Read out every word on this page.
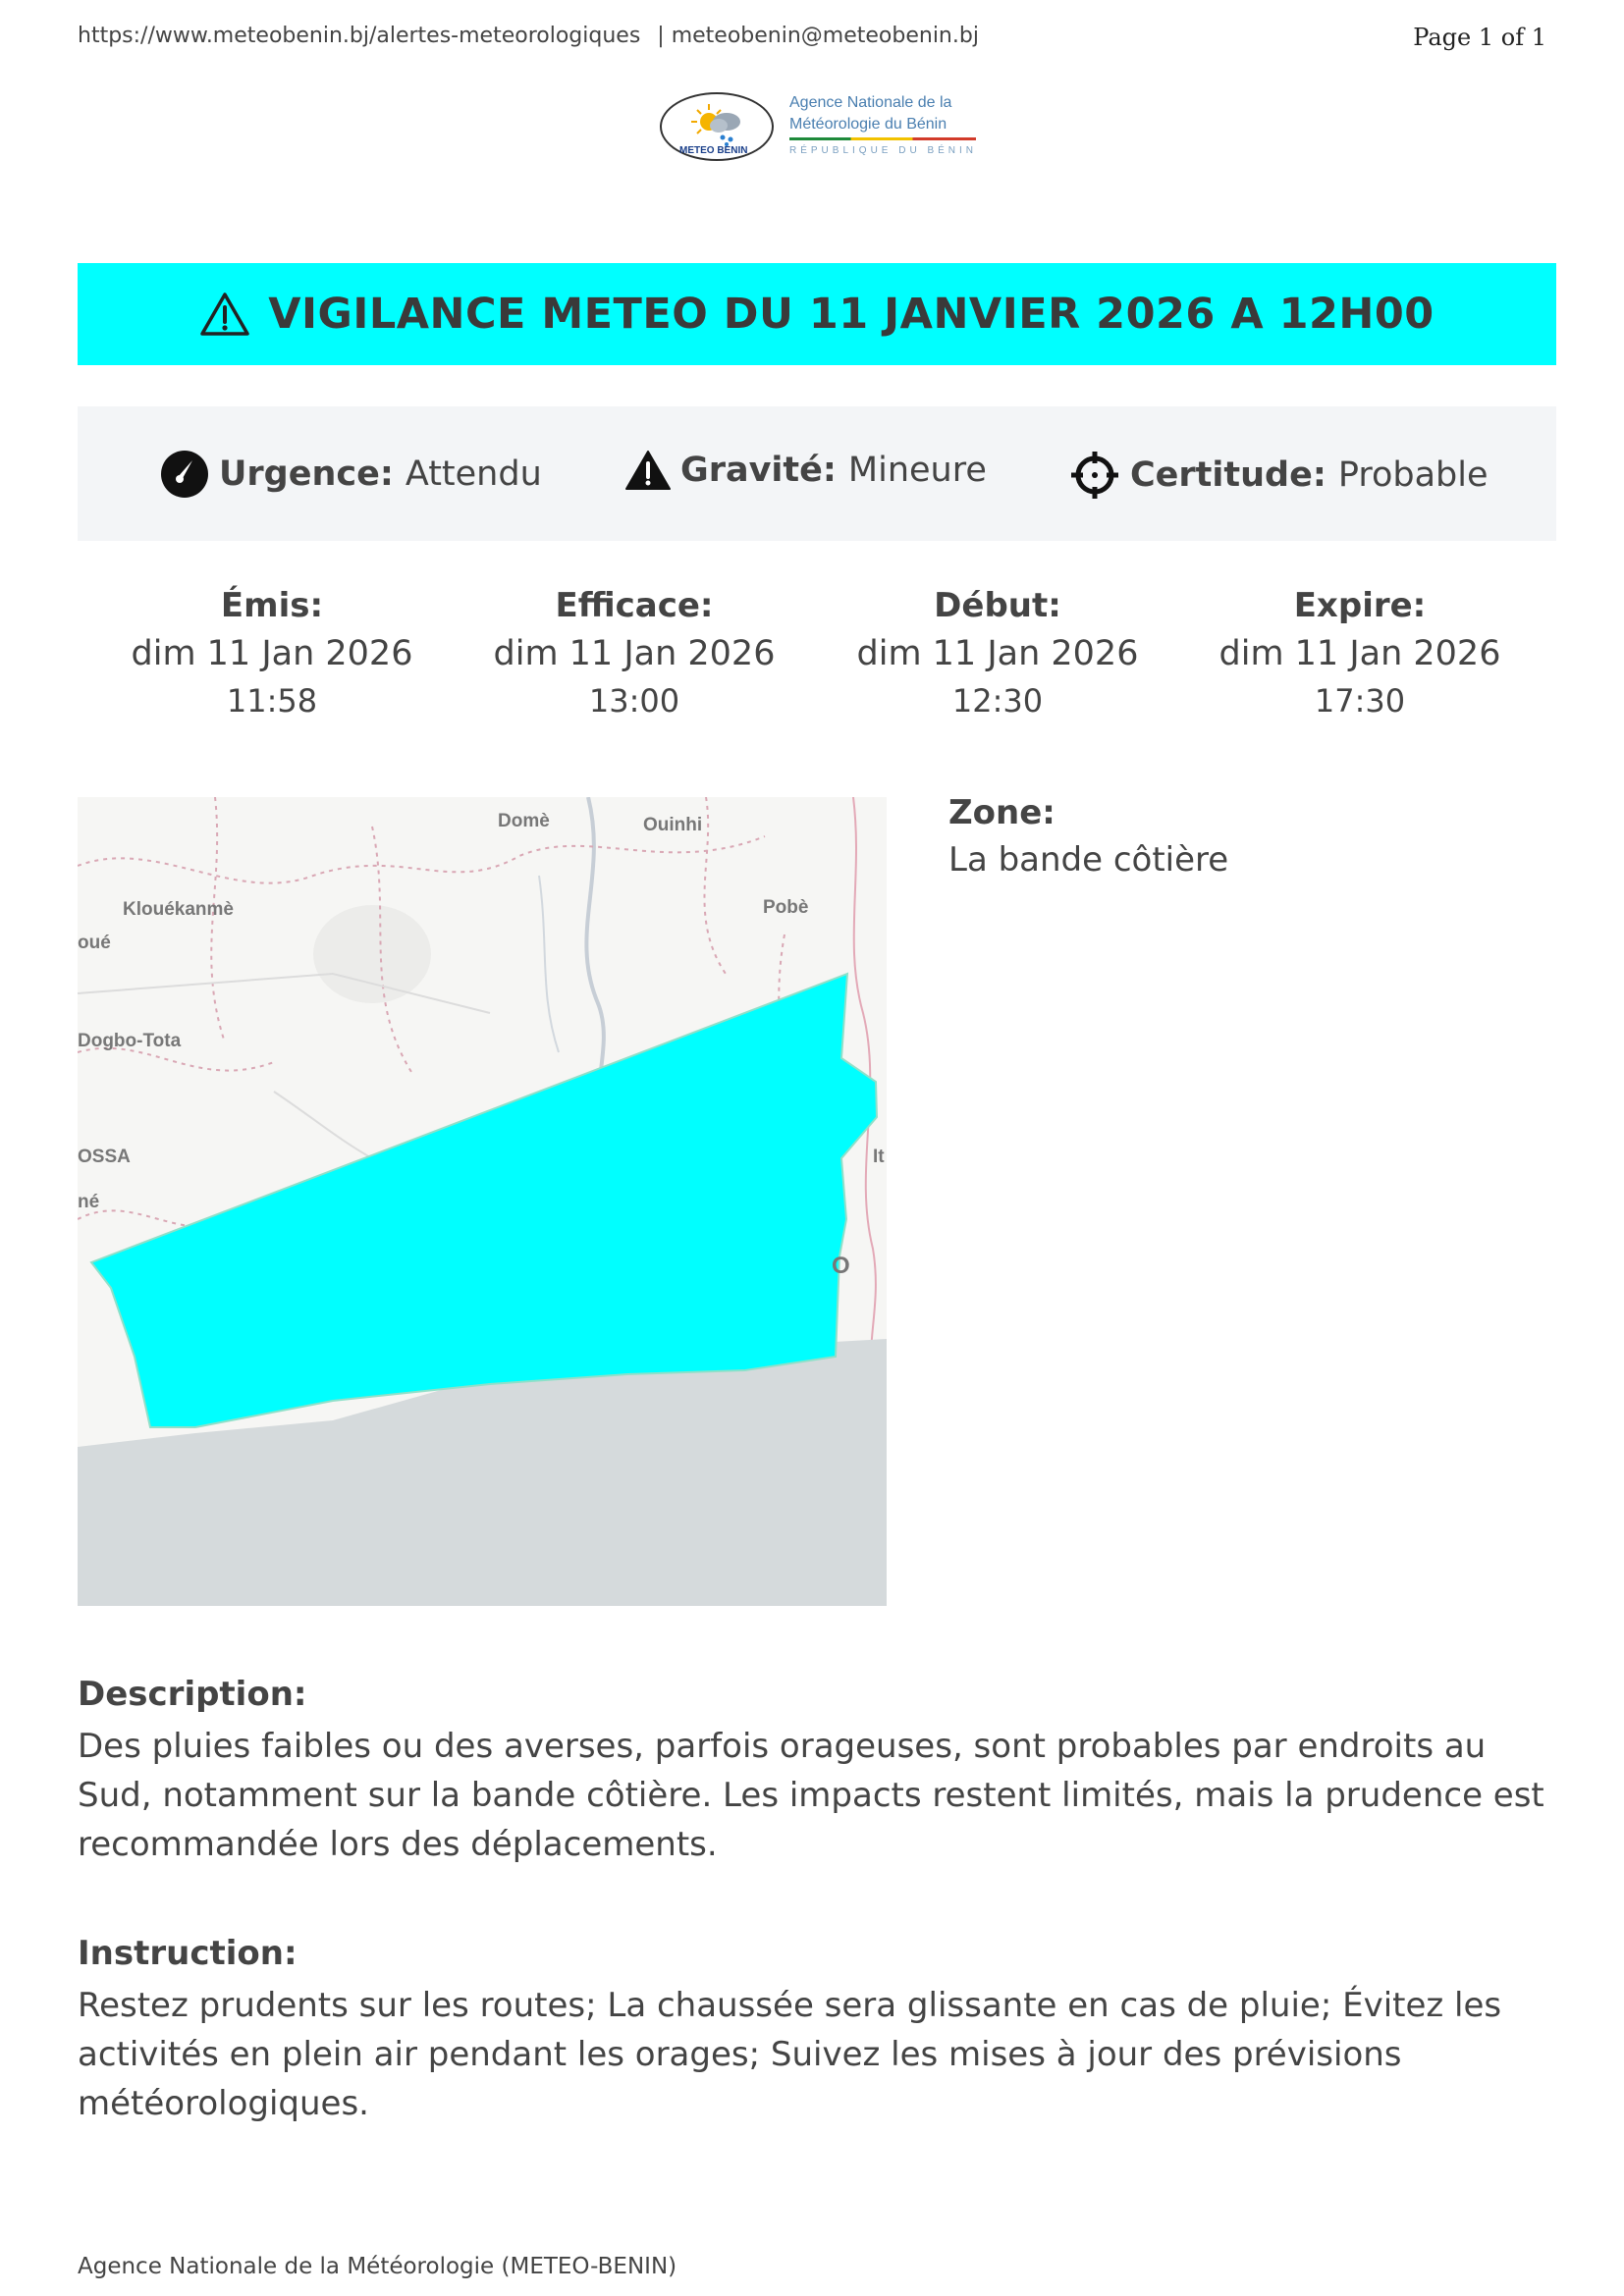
https://www.meteobenin.bj/alertes-meteorologiques | meteobenin@meteobenin.bj	Page 1 of 1
METEO BENIN
Agence Nationale de la
Météorologie du Bénin
RÉPUBLIQUE DU BÉNIN
VIGILANCE METEO DU 11 JANVIER 2026 A 12H00
Urgence: Attendu	Gravité: Mineure	Certitude: Probable
Émis:
dim 11 Jan 2026
11:58
Efficace:
dim 11 Jan 2026
13:00
Début:
dim 11 Jan 2026
12:30
Expire:
dim 11 Jan 2026
17:30
Domè	Ouinhi
Klouékanmè	Pobè
oué
Dogbo-Tota
OSSA
né
It
O
Zone:
La bande côtière
Description:
Des pluies faibles ou des averses, parfois orageuses, sont probables par endroits au Sud, notamment sur la bande côtière. Les impacts restent limités, mais la prudence est recommandée lors des déplacements.
Instruction:
Restez prudents sur les routes; La chaussée sera glissante en cas de pluie; Évitez les activités en plein air pendant les orages; Suivez les mises à jour des prévisions météorologiques.
Agence Nationale de la Météorologie (METEO-BENIN)
